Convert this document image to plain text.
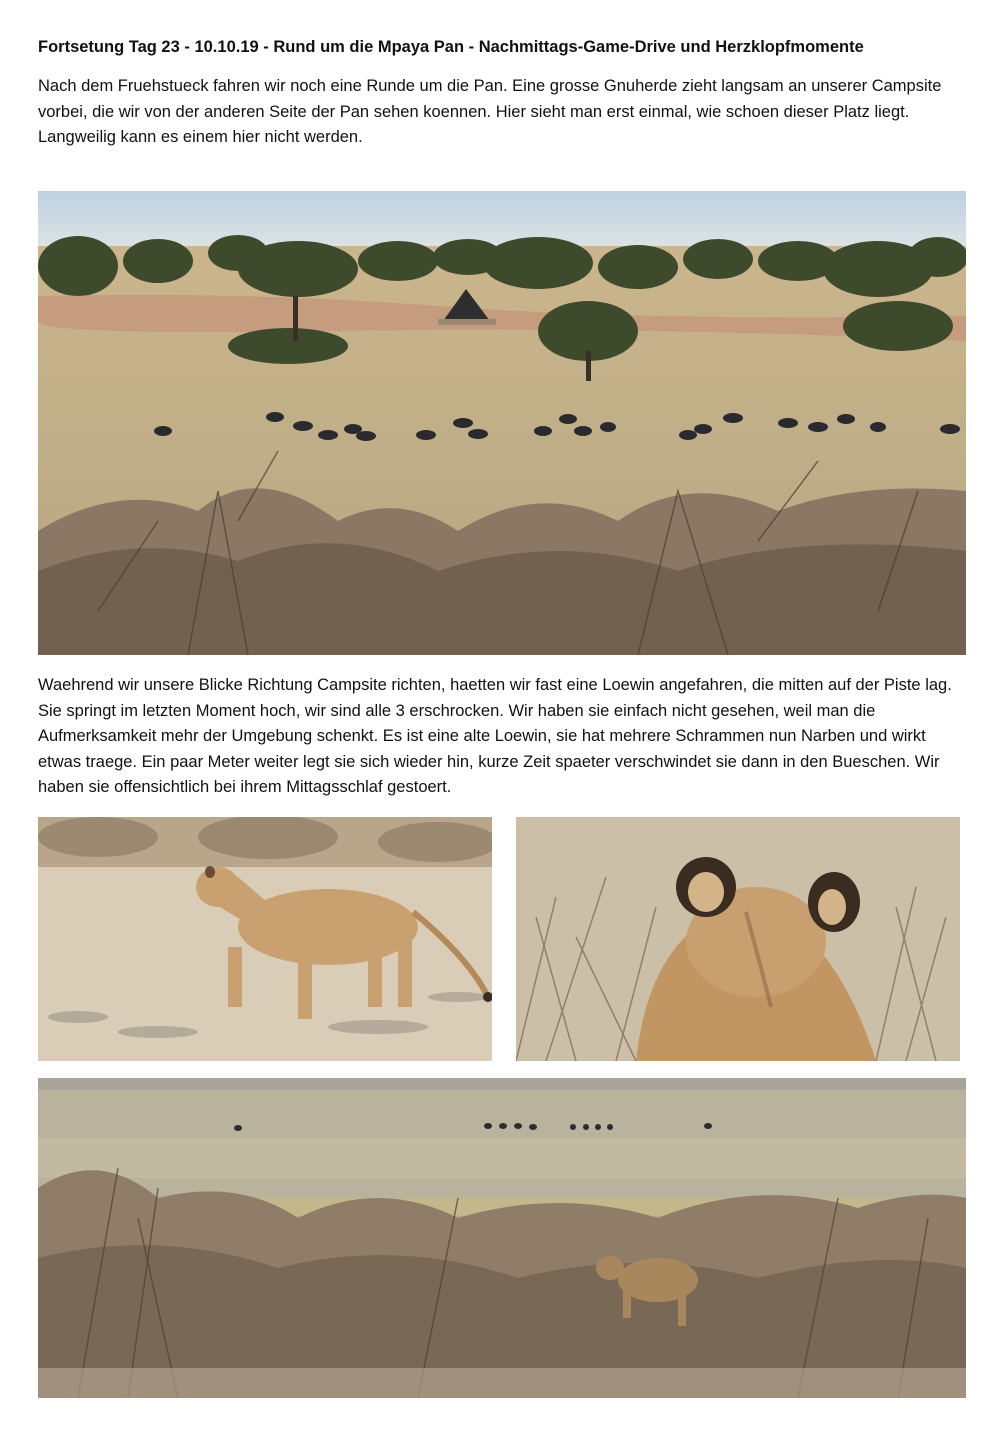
Fortsetung Tag 23 - 10.10.19 - Rund um die Mpaya Pan - Nachmittags-Game-Drive und Herzklopfmomente

Nach dem Fruehstueck fahren wir noch eine Runde um die Pan. Eine grosse Gnuherde zieht langsam an unserer Campsite vorbei, die wir von der anderen Seite der Pan sehen koennen. Hier sieht man erst einmal, wie schoen dieser Platz liegt. Langweilig kann es einem hier nicht werden.

Waehrend wir unsere Blicke Richtung Campsite richten, haetten wir fast eine Loewin angefahren, die mitten auf der Piste lag. Sie springt im letzten Moment hoch, wir sind alle 3 erschrocken. Wir haben sie einfach nicht gesehen, weil man die Aufmerksamkeit mehr der Umgebung schenkt. Es ist eine alte Loewin, sie hat mehrere Schrammen nun Narben und wirkt etwas traege. Ein paar Meter weiter legt sie sich wieder hin, kurze Zeit spaeter verschwindet sie dann in den Bueschen. Wir haben sie offensichtlich bei ihrem Mittagsschlaf gestoert.
